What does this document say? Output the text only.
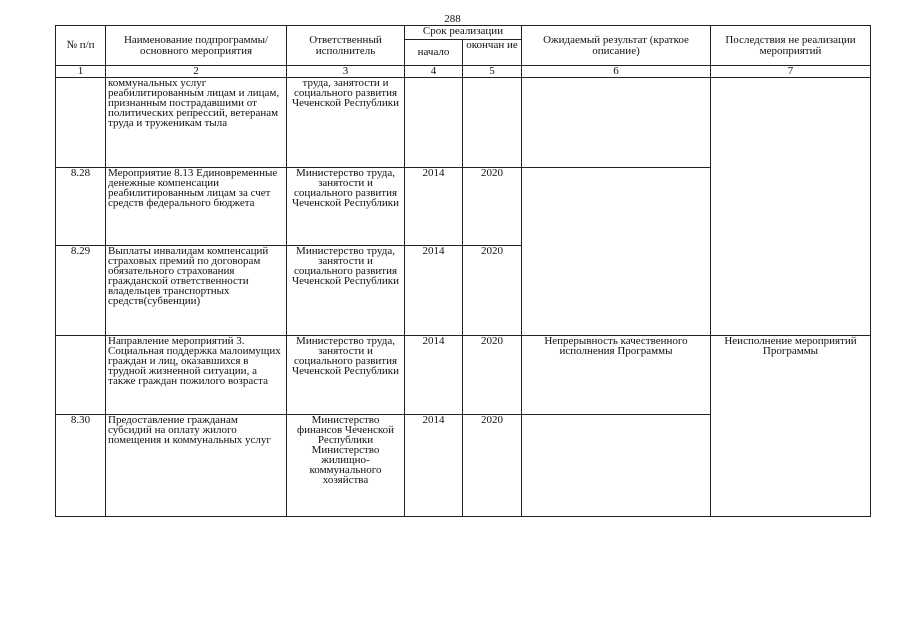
288
№ п/п	Наименование подпрограммы/ основного мероприятия	Ответственный исполнитель	Срок реализации		Ожидаемый результат (краткое описание)	Последствия не реализации мероприятий
			начало	окончан ие		
1	2	3	4	5	6	7
	коммунальных услуг реабилитированным лицам и лицам, признанным пострадавшими от политических репрессий, ветеранам труда и труженикам тыла	труда, занятости и социального развития Чеченской Республики				
8.28	Мероприятие 8.13 Единовременные денежные компенсации реабилитированным лицам за счет средств федерального бюджета	Министерство труда, занятости и социального развития Чеченской Республики	2014	2020		
8.29	Выплаты инвалидам компенсаций страховых премий по договорам обязательного страхования гражданской ответственности владельцев транспортных средств(субвенции)	Министерство труда, занятости и социального развития Чеченской Республики	2014	2020		
	Направление мероприятий 3. Социальная поддержка малоимущих граждан и лиц, оказавшихся в трудной жизненной ситуации, а также граждан пожилого возраста	Министерство труда, занятости и социального развития Чеченской Республики	2014	2020	Непрерывность качественного исполнения Программы	Неисполнение мероприятий Программы
8.30	Предоставление гражданам субсидий на оплату жилого помещения и коммунальных услуг	Министерство финансов Чеченской Республики Министерство жилищно-коммунального хозяйства	2014	2020		
